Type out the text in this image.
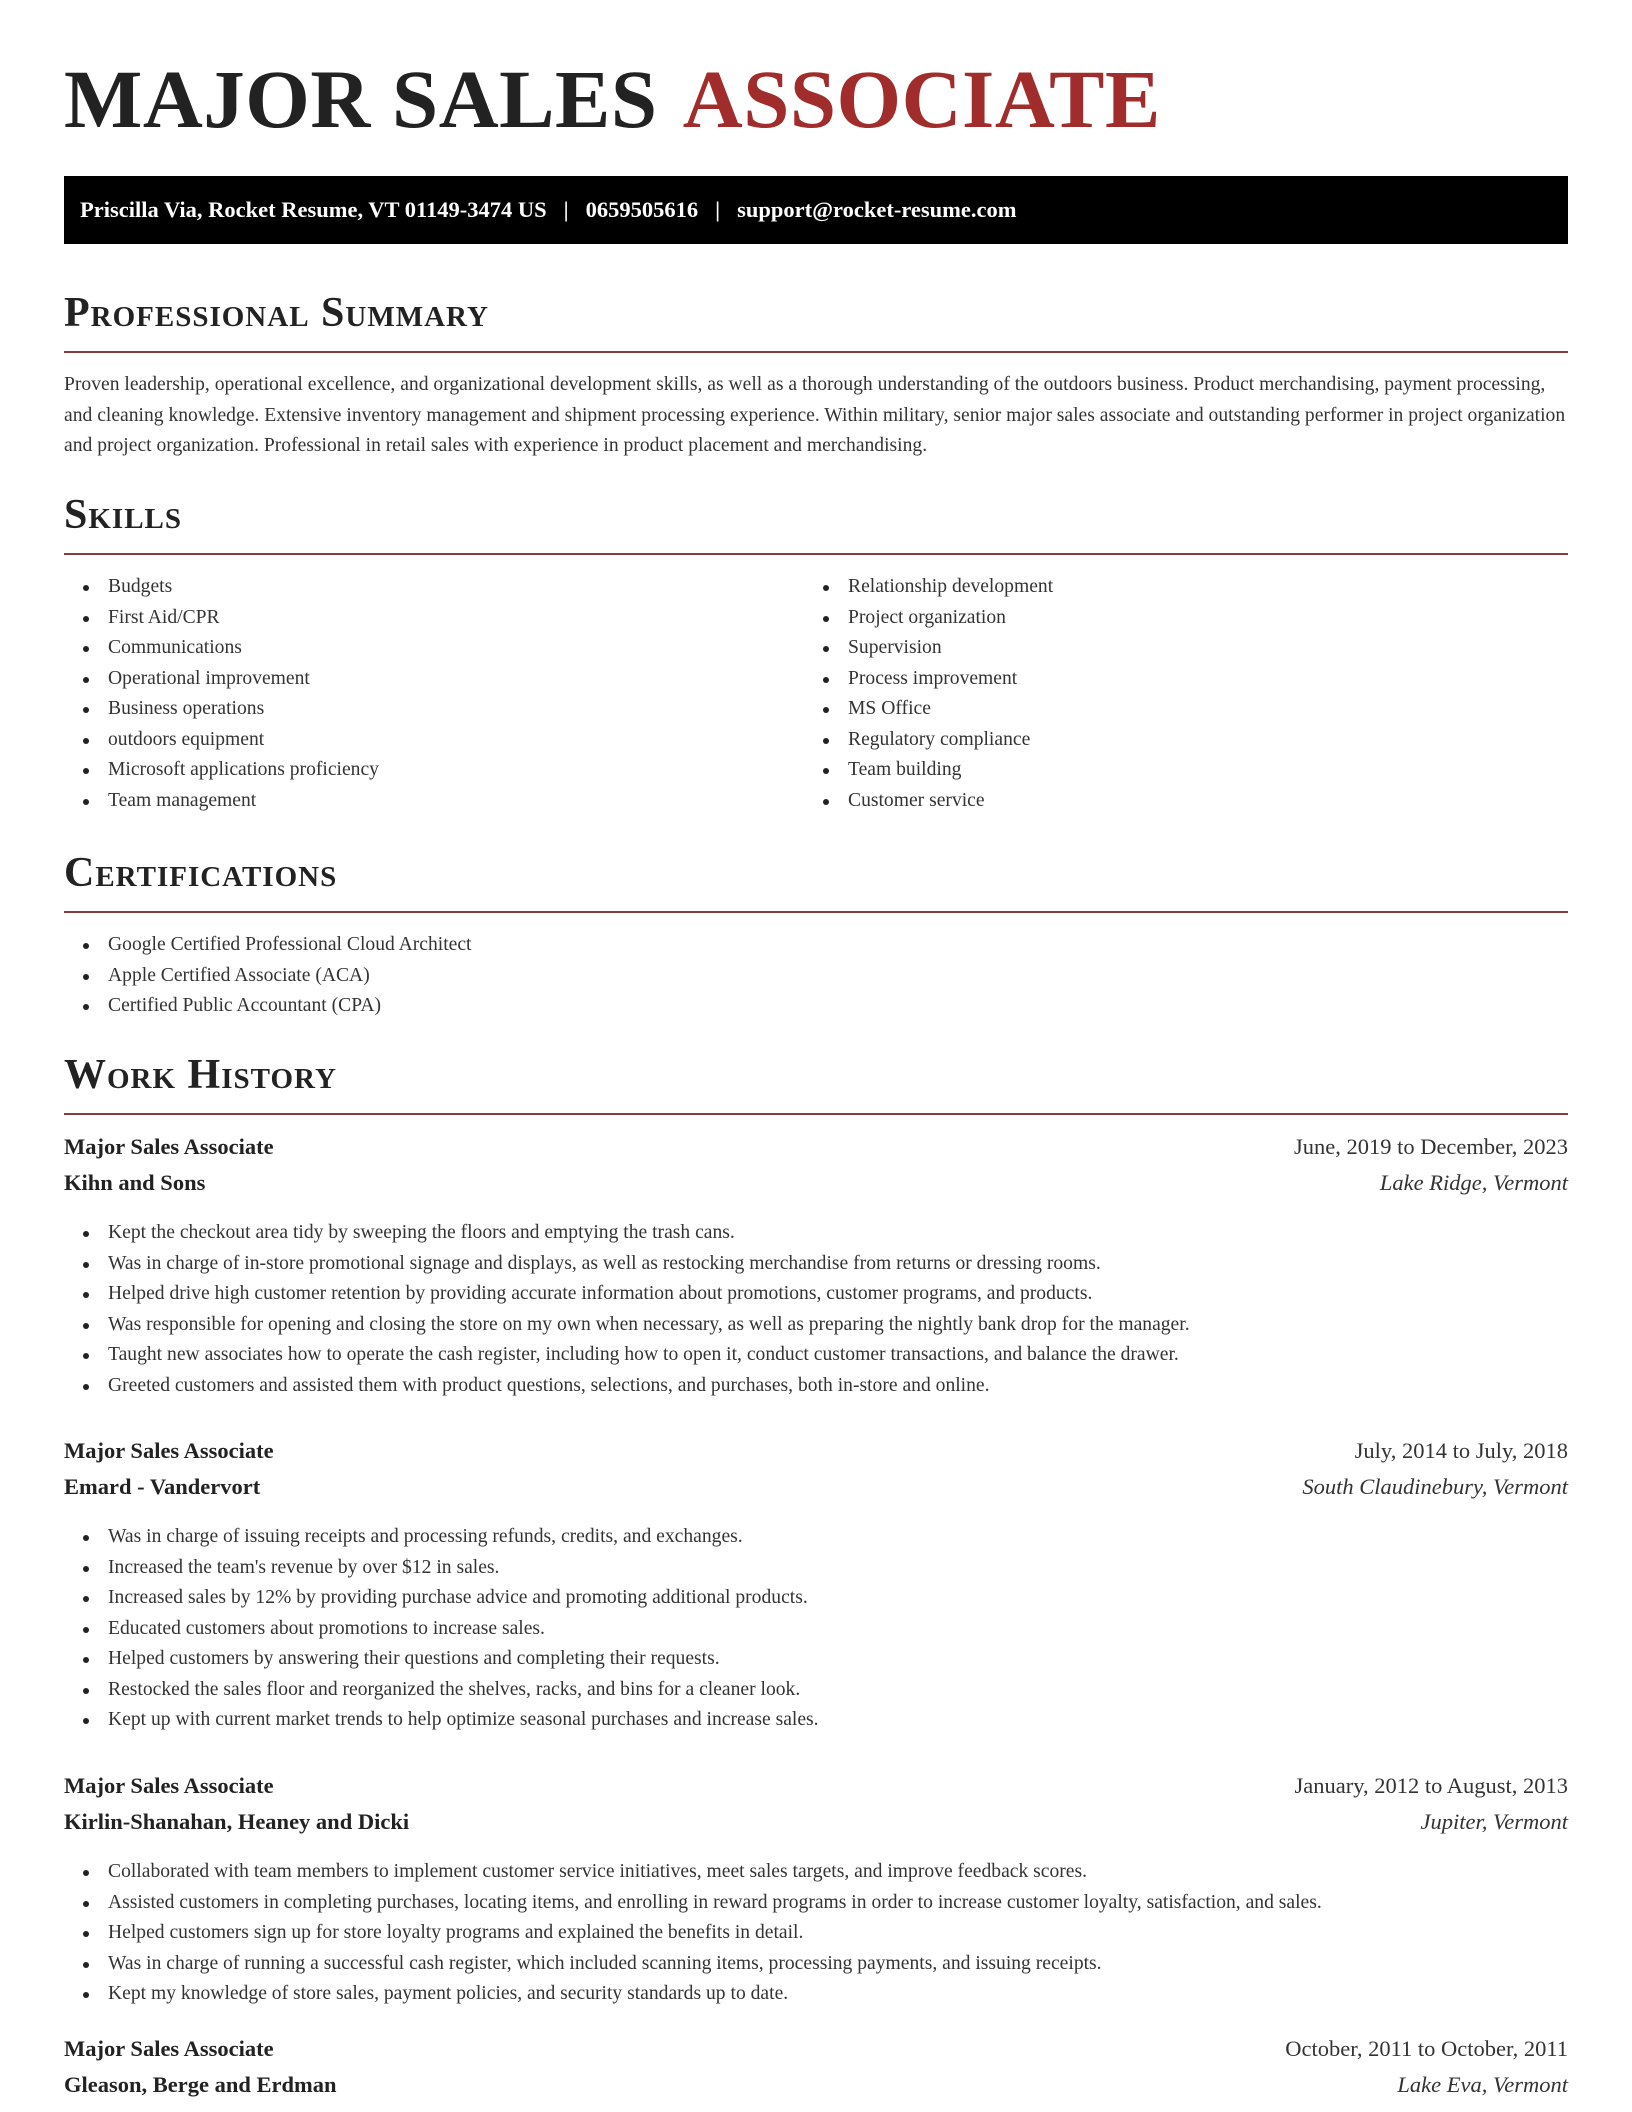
MAJOR SALES ASSOCIATE
Priscilla Via, Rocket Resume, VT 01149-3474 US | 0659505616 | support@rocket-resume.com
Professional Summary

Proven leadership, operational excellence, and organizational development skills, as well as a thorough understanding of the outdoors business. Product merchandising, payment processing, and cleaning knowledge. Extensive inventory management and shipment processing experience. Within military, senior major sales associate and outstanding performer in project organization and project organization. Professional in retail sales with experience in product placement and merchandising.

Skills
Budgets
First Aid/CPR
Communications
Operational improvement
Business operations
outdoors equipment
Microsoft applications proficiency
Team management
Relationship development
Project organization
Supervision
Process improvement
MS Office
Regulatory compliance
Team building
Customer service
Certifications
Google Certified Professional Cloud Architect
Apple Certified Associate (ACA)
Certified Public Accountant (CPA)
Work History
Major Sales Associate	June, 2019 to December, 2023
Kihn and Sons	Lake Ridge, Vermont
Kept the checkout area tidy by sweeping the floors and emptying the trash cans.
Was in charge of in-store promotional signage and displays, as well as restocking merchandise from returns or dressing rooms.
Helped drive high customer retention by providing accurate information about promotions, customer programs, and products.
Was responsible for opening and closing the store on my own when necessary, as well as preparing the nightly bank drop for the manager.
Taught new associates how to operate the cash register, including how to open it, conduct customer transactions, and balance the drawer.
Greeted customers and assisted them with product questions, selections, and purchases, both in-store and online.
Major Sales Associate	July, 2014 to July, 2018
Emard - Vandervort	South Claudinebury, Vermont
Was in charge of issuing receipts and processing refunds, credits, and exchanges.
Increased the team's revenue by over $12 in sales.
Increased sales by 12% by providing purchase advice and promoting additional products.
Educated customers about promotions to increase sales.
Helped customers by answering their questions and completing their requests.
Restocked the sales floor and reorganized the shelves, racks, and bins for a cleaner look.
Kept up with current market trends to help optimize seasonal purchases and increase sales.
Major Sales Associate	January, 2012 to August, 2013
Kirlin-Shanahan, Heaney and Dicki	Jupiter, Vermont
Collaborated with team members to implement customer service initiatives, meet sales targets, and improve feedback scores.
Assisted customers in completing purchases, locating items, and enrolling in reward programs in order to increase customer loyalty, satisfaction, and sales.
Helped customers sign up for store loyalty programs and explained the benefits in detail.
Was in charge of running a successful cash register, which included scanning items, processing payments, and issuing receipts.
Kept my knowledge of store sales, payment policies, and security standards up to date.
Major Sales Associate	October, 2011 to October, 2011
Gleason, Berge and Erdman	Lake Eva, Vermont
